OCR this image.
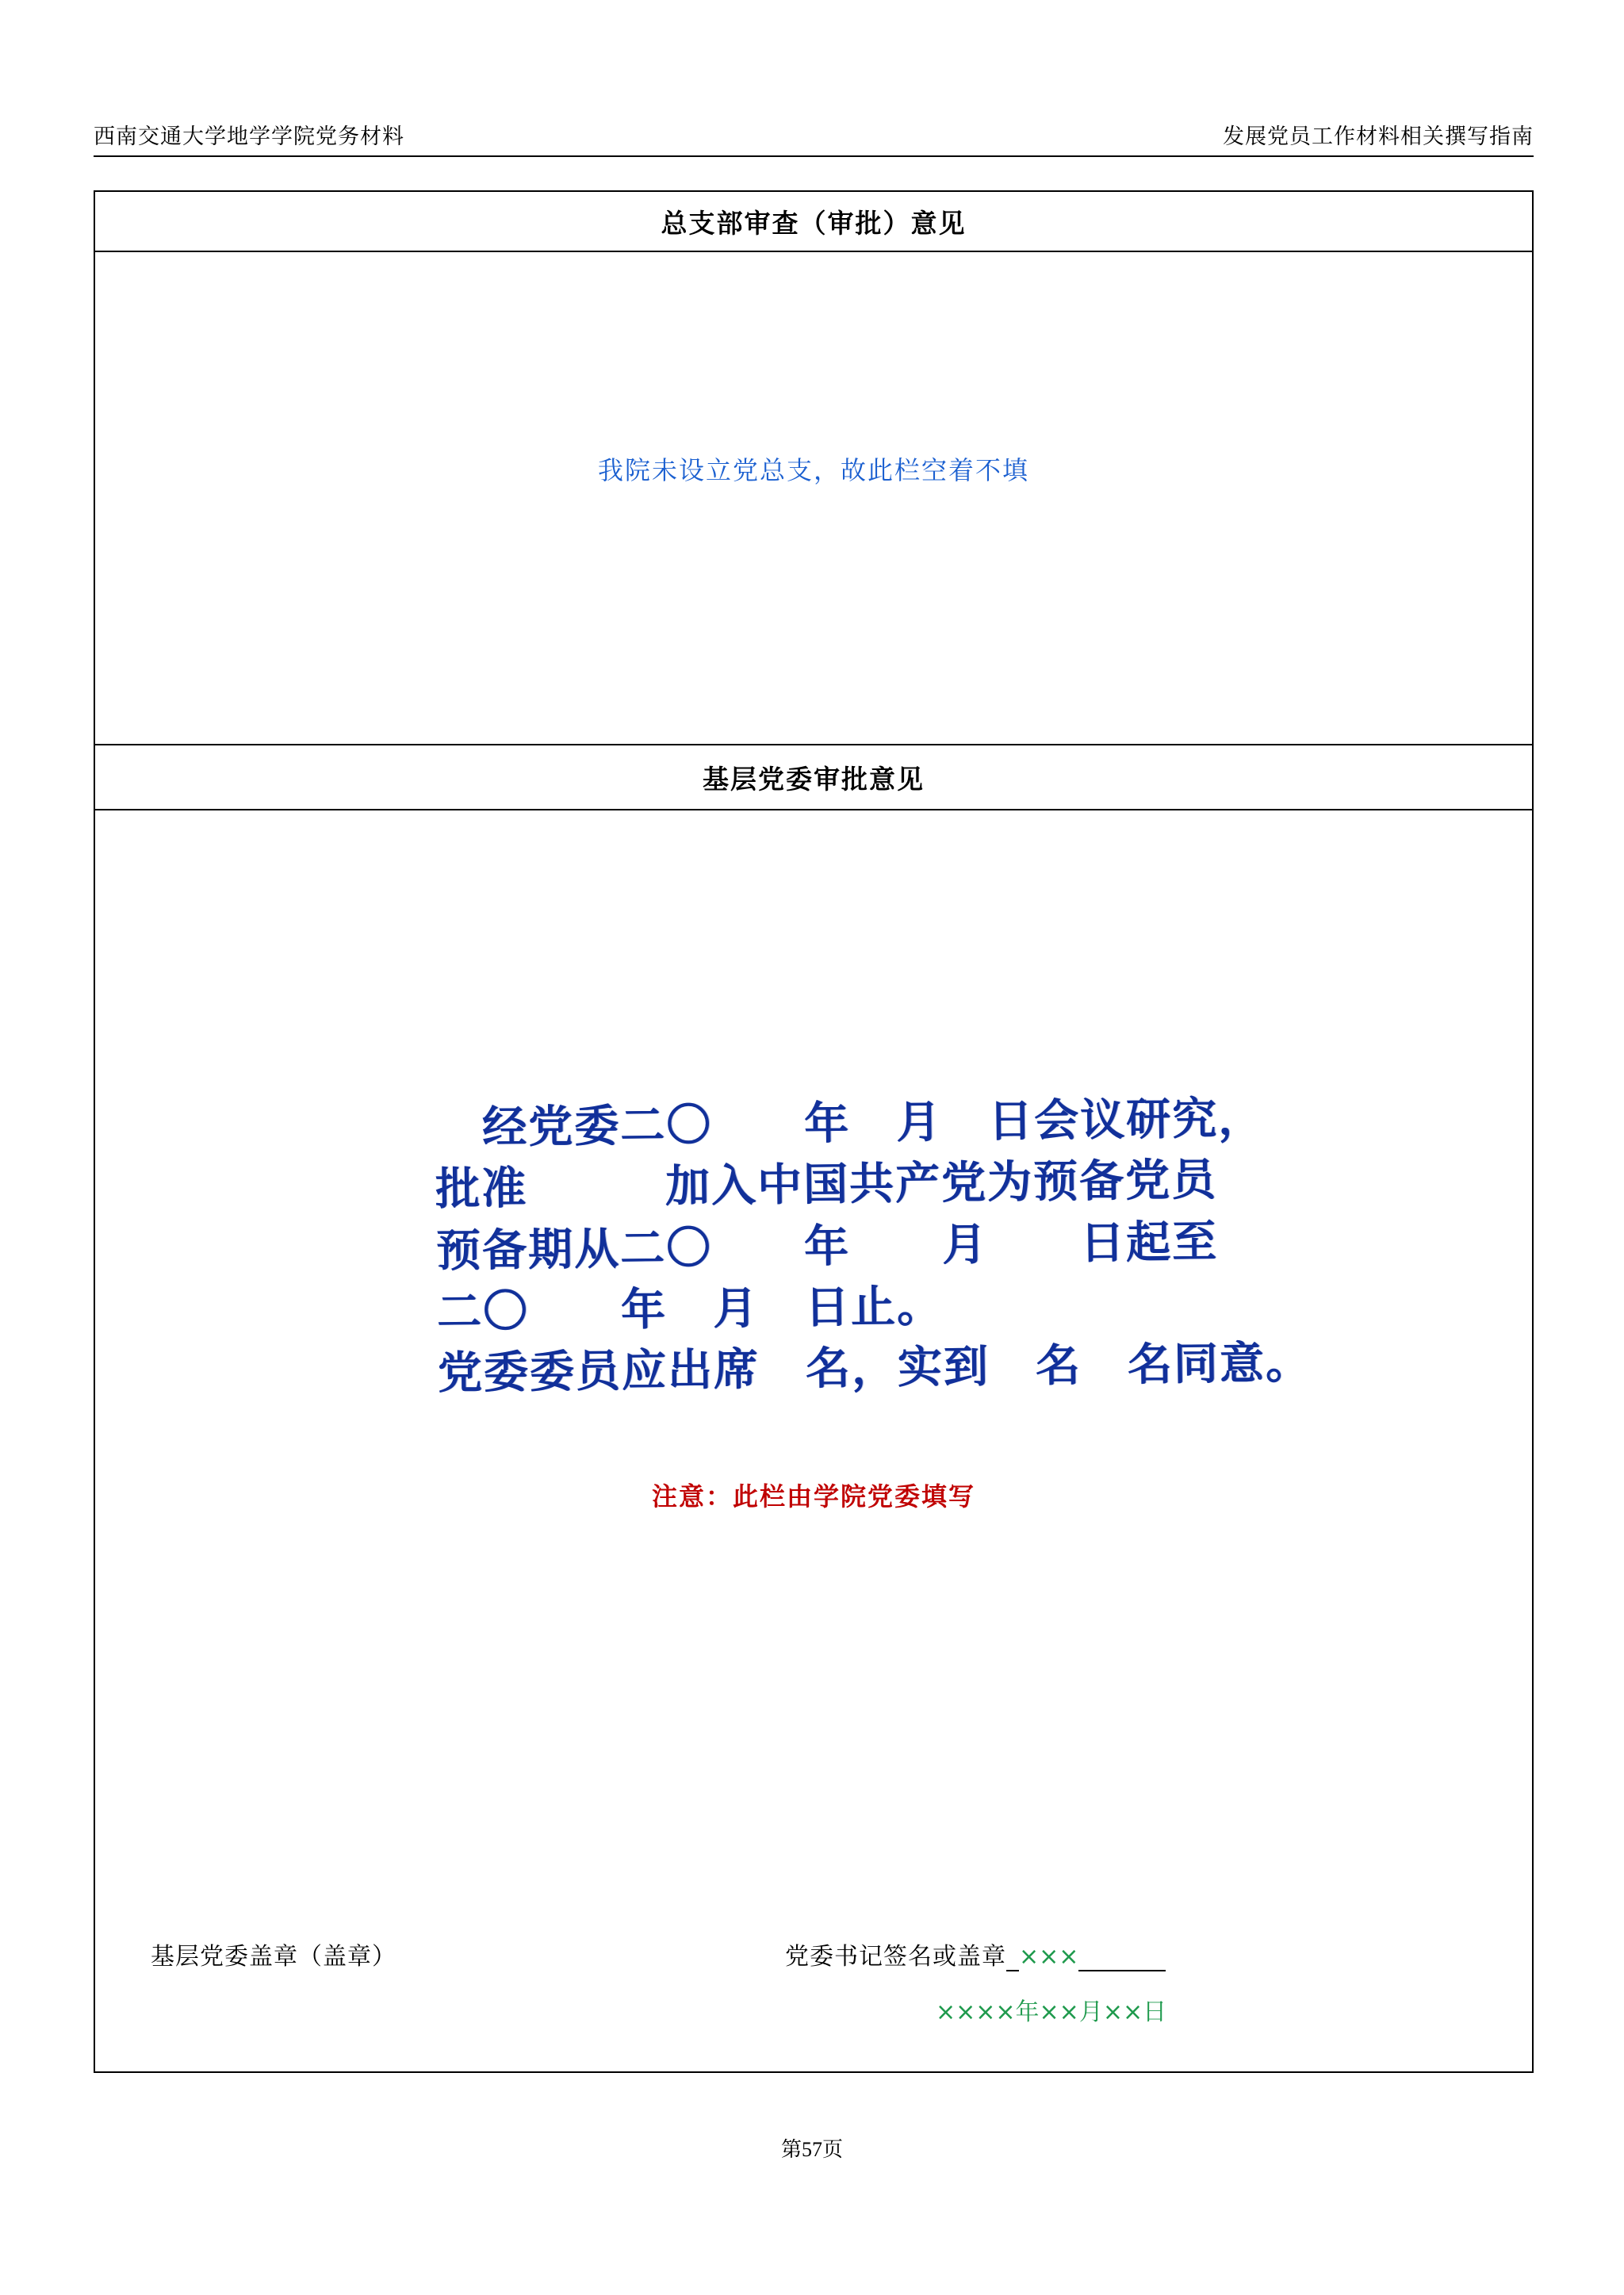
西南交通大学地学学院党务材料	发展党员工作材料相关撰写指南
总支部审查（审批）意见
我院未设立党总支，故此栏空着不填
基层党委审批意见
经党委二〇　　年　月　日会议研究，
批准　　　加入中国共产党为预备党员
预备期从二〇　　年　　月　　日起至
二〇　　年　月　日止。
党委委员应出席　名，实到　名　名同意。
注意：此栏由学院党委填写
基层党委盖章（盖章）	党委书记签名或盖章 ×××
××××年××月××日
第57页
